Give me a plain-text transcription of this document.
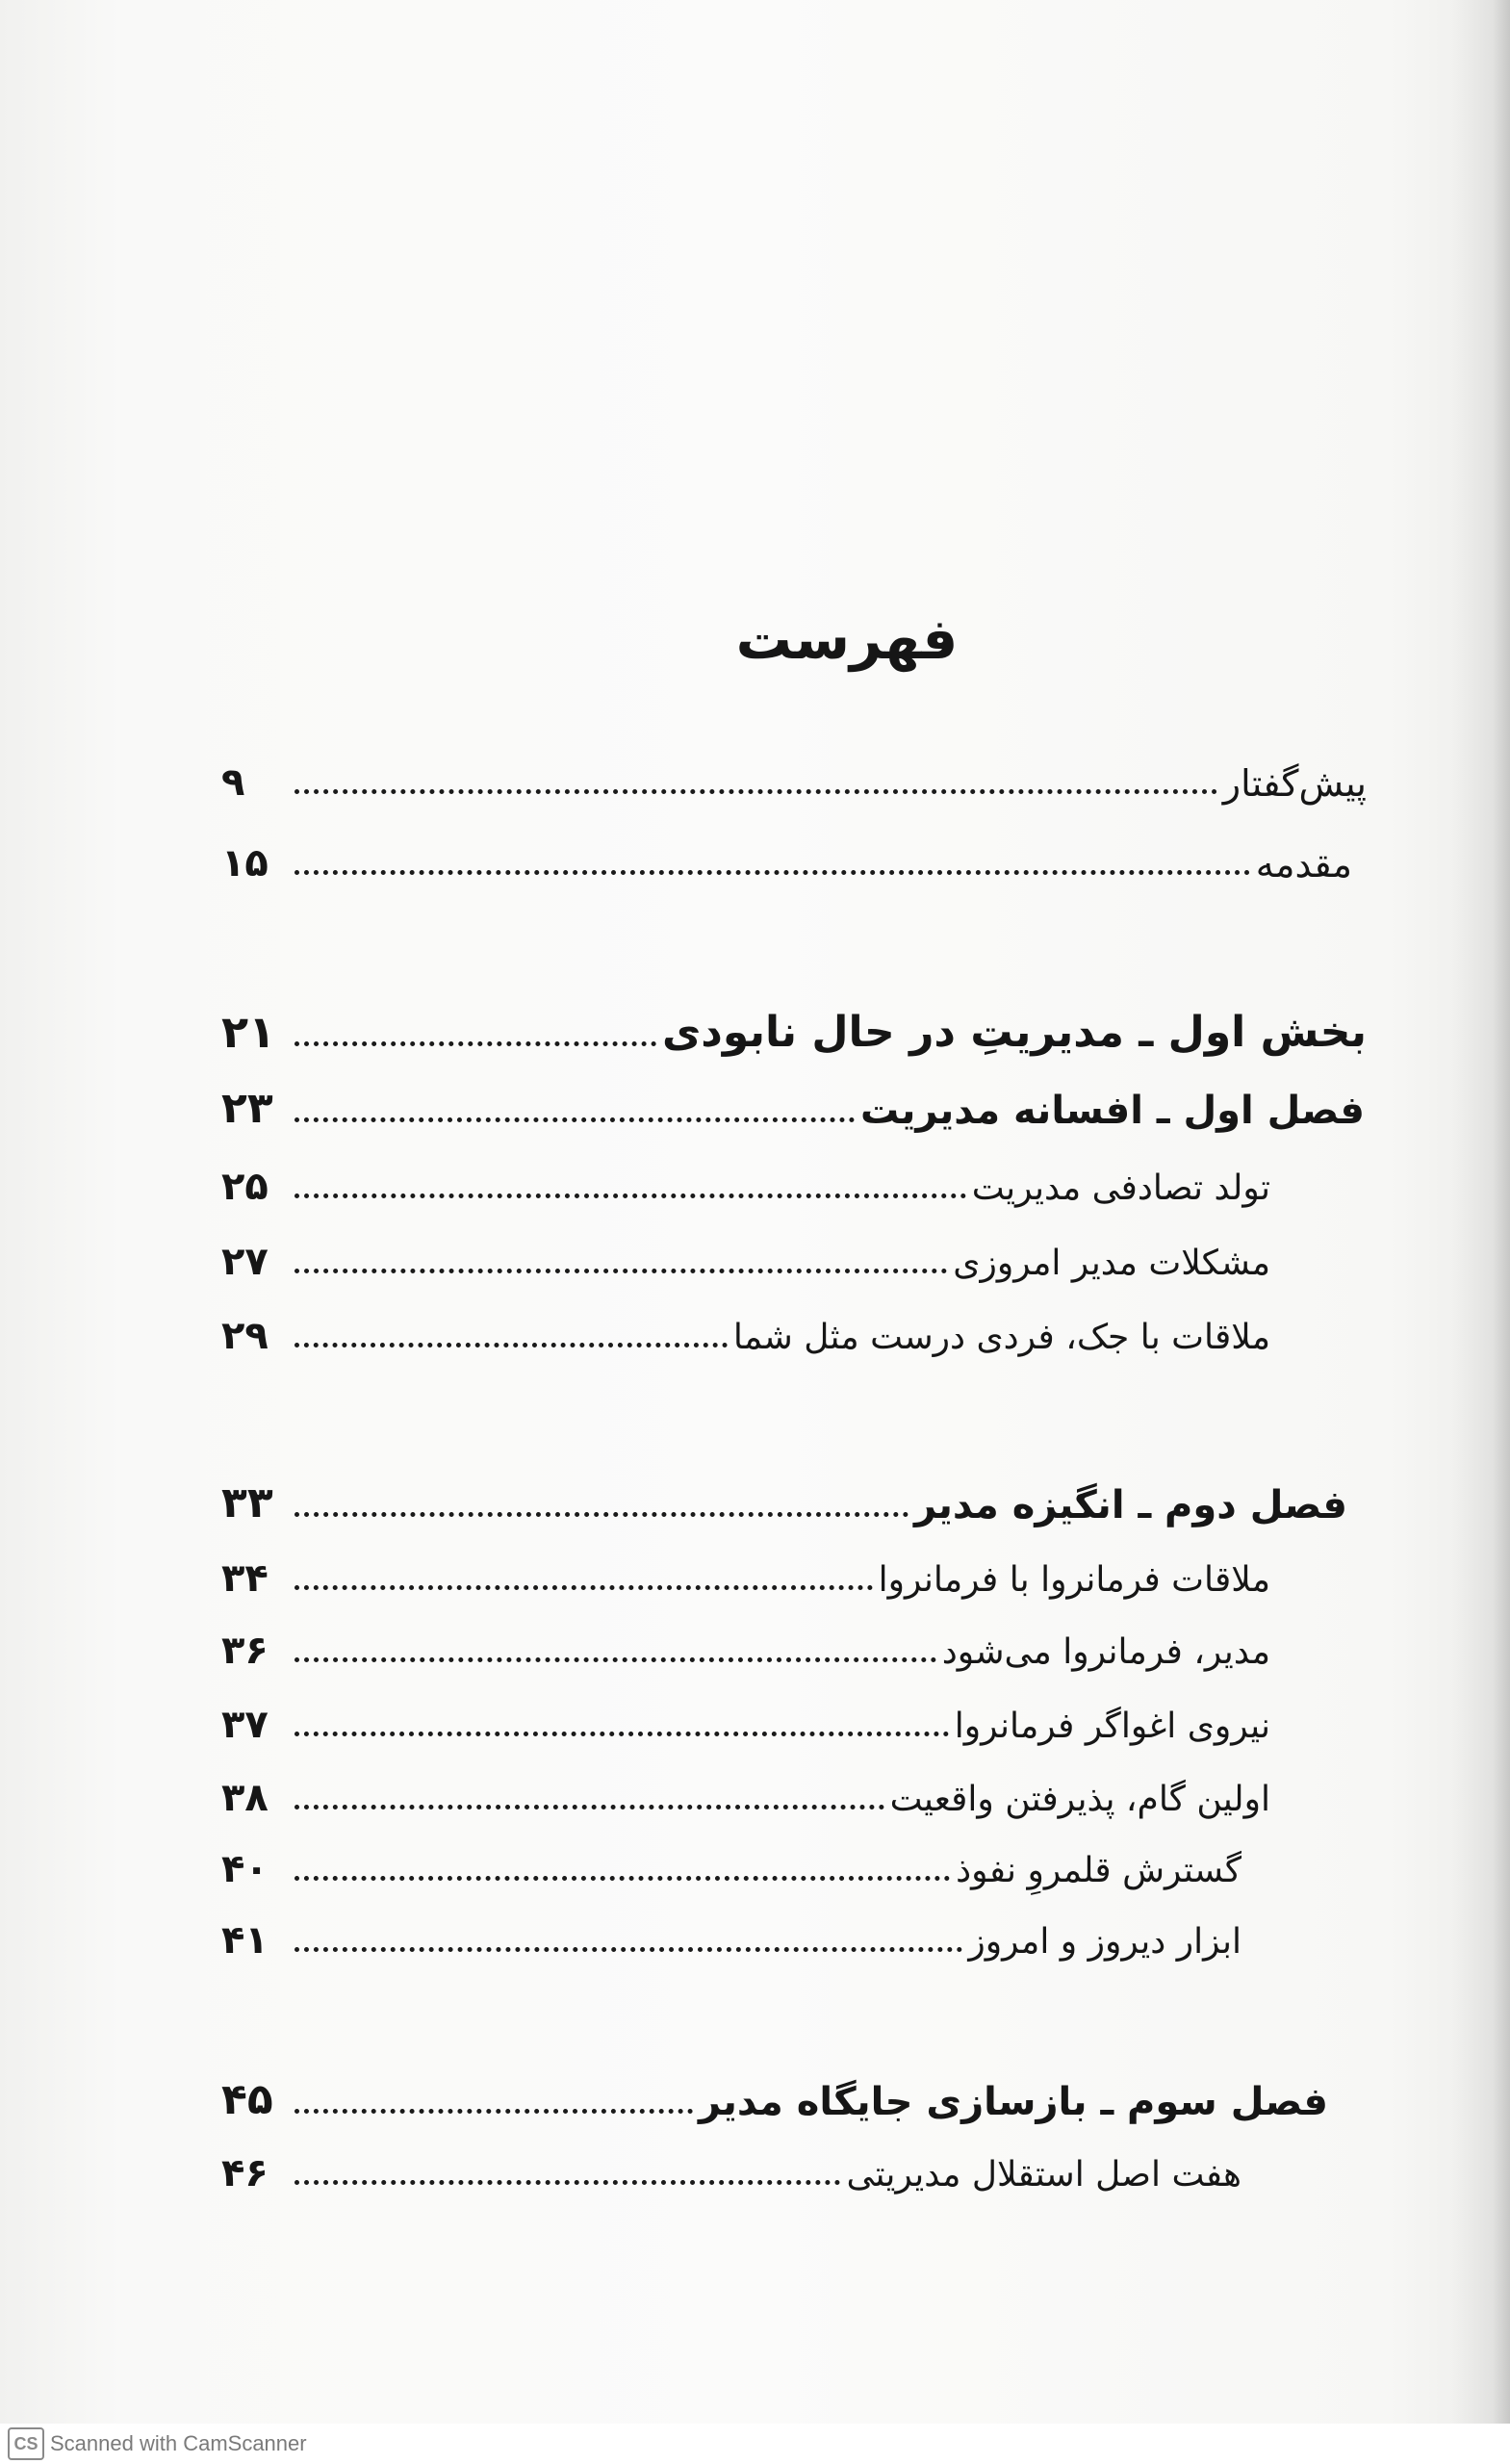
فهرست
پیش‌گفتار
۹
مقدمه
۱۵
بخش اول ـ مدیریتِ در حال نابودی
۲۱
فصل اول ـ افسانه مدیریت
۲۳
تولد تصادفی مدیریت
۲۵
مشکلات مدیر امروزی
۲۷
ملاقات با جک، فردی درست مثل شما
۲۹
فصل دوم ـ انگیزه مدیر
۳۳
ملاقات فرمانروا با فرمانروا
۳۴
مدیر، فرمانروا می‌شود
۳۶
نیروی اغواگر فرمانروا
۳۷
اولین گام، پذیرفتن واقعیت
۳۸
گسترش قلمروِ نفوذ
۴۰
ابزار دیروز و امروز
۴۱
فصل سوم ـ بازسازی جایگاه مدیر
۴۵
هفت اصل استقلال مدیریتی
۴۶
CS Scanned with CamScanner
